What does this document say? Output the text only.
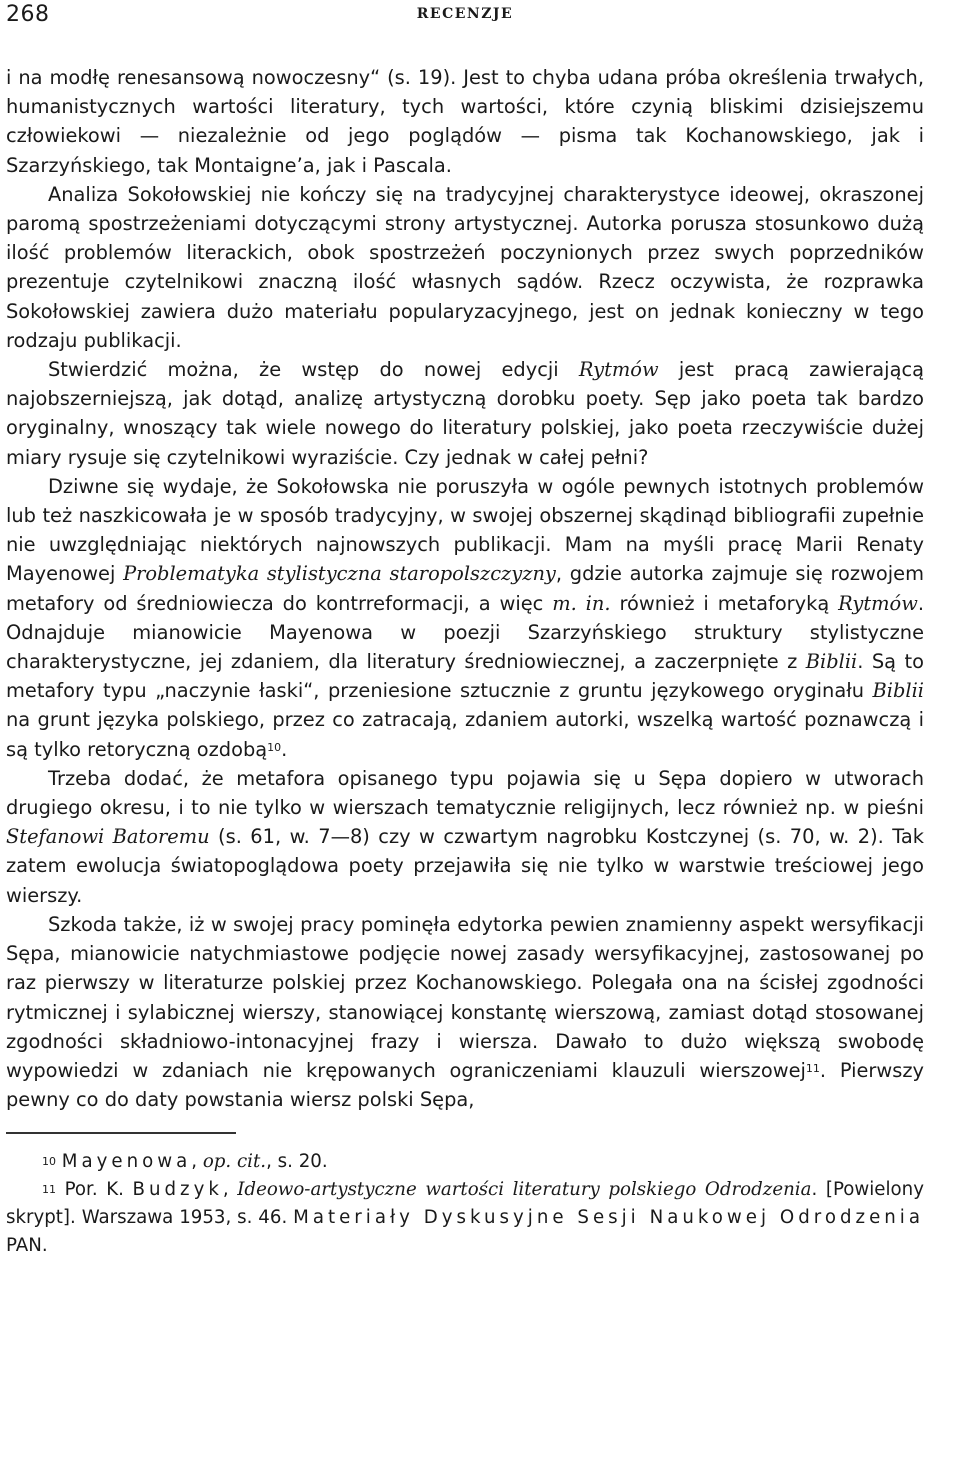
268	RECENZJE

i na modłę renesansową nowoczesny“ (s. 19). Jest to chyba udana próba określenia trwałych, humanistycznych wartości literatury, tych wartości, które czynią bliskimi dzisiejszemu człowiekowi — niezależnie od jego poglądów — pisma tak Kochanowskiego, jak i Szarzyńskiego, tak Montaigne’a, jak i Pascala.

Analiza Sokołowskiej nie kończy się na tradycyjnej charakterystyce ideowej, okraszonej paromą spostrzeżeniami dotyczącymi strony artystycznej. Autorka porusza stosunkowo dużą ilość problemów literackich, obok spostrzeżeń poczynionych przez swych poprzedników prezentuje czytelnikowi znaczną ilość własnych sądów. Rzecz oczywista, że rozprawka Sokołowskiej zawiera dużo materiału popularyzacyjnego, jest on jednak konieczny w tego rodzaju publikacji.

Stwierdzić można, że wstęp do nowej edycji Rytmów jest pracą zawierającą najobszerniejszą, jak dotąd, analizę artystyczną dorobku poety. Sęp jako poeta tak bardzo oryginalny, wnoszący tak wiele nowego do literatury polskiej, jako poeta rzeczywiście dużej miary rysuje się czytelnikowi wyraziście. Czy jednak w całej pełni?

Dziwne się wydaje, że Sokołowska nie poruszyła w ogóle pewnych istotnych problemów lub też naszkicowała je w sposób tradycyjny, w swojej obszernej skądinąd bibliografii zupełnie nie uwzględniając niektórych najnowszych publikacji. Mam na myśli pracę Marii Renaty Mayenowej Problematyka stylistyczna staropolszczyzny, gdzie autorka zajmuje się rozwojem metafory od średniowiecza do kontrreformacji, a więc m. in. również i metaforyką Rytmów. Odnajduje mianowicie Mayenowa w poezji Szarzyńskiego struktury stylistyczne charakterystyczne, jej zdaniem, dla literatury średniowiecznej, a zaczerpnięte z Biblii. Są to metafory typu „naczynie łaski“, przeniesione sztucznie z gruntu językowego oryginału Biblii na grunt języka polskiego, przez co zatracają, zdaniem autorki, wszelką wartość poznawczą i są tylko retoryczną ozdobą$^{10}$.

Trzeba dodać, że metafora opisanego typu pojawia się u Sępa dopiero w utworach drugiego okresu, i to nie tylko w wierszach tematycznie religijnych, lecz również np. w pieśni Stefanowi Batoremu (s. 61, w. 7—8) czy w czwartym nagrobku Kostczynej (s. 70, w. 2). Tak zatem ewolucja światopoglądowa poety przejawiła się nie tylko w warstwie treściowej jego wierszy.

Szkoda także, iż w swojej pracy pominęła edytorka pewien znamienny aspekt wersyfikacji Sępa, mianowicie natychmiastowe podjęcie nowej zasady wersyfikacyjnej, zastosowanej po raz pierwszy w literaturze polskiej przez Kochanowskiego. Polegała ona na ścisłej zgodności rytmicznej i sylabicznej wierszy, stanowiącej konstantę wierszową, zamiast dotąd stosowanej zgodności składniowo-intonacyjnej frazy i wiersza. Dawało to dużo większą swobodę wypowiedzi w zdaniach nie krępowanych ograniczeniami klauzuli wierszowej$^{11}$. Pierwszy pewny co do daty powstania wiersz polski Sępa,

$^{10}$ Mayenowa, op. cit., s. 20.

$^{11}$ Por. K. Budzyk, Ideowo-artystyczne wartości literatury polskiego Odrodzenia. [Powielony skrypt]. Warszawa 1953, s. 46. Materiały Dyskusyjne Sesji Naukowej Odrodzenia PAN.
